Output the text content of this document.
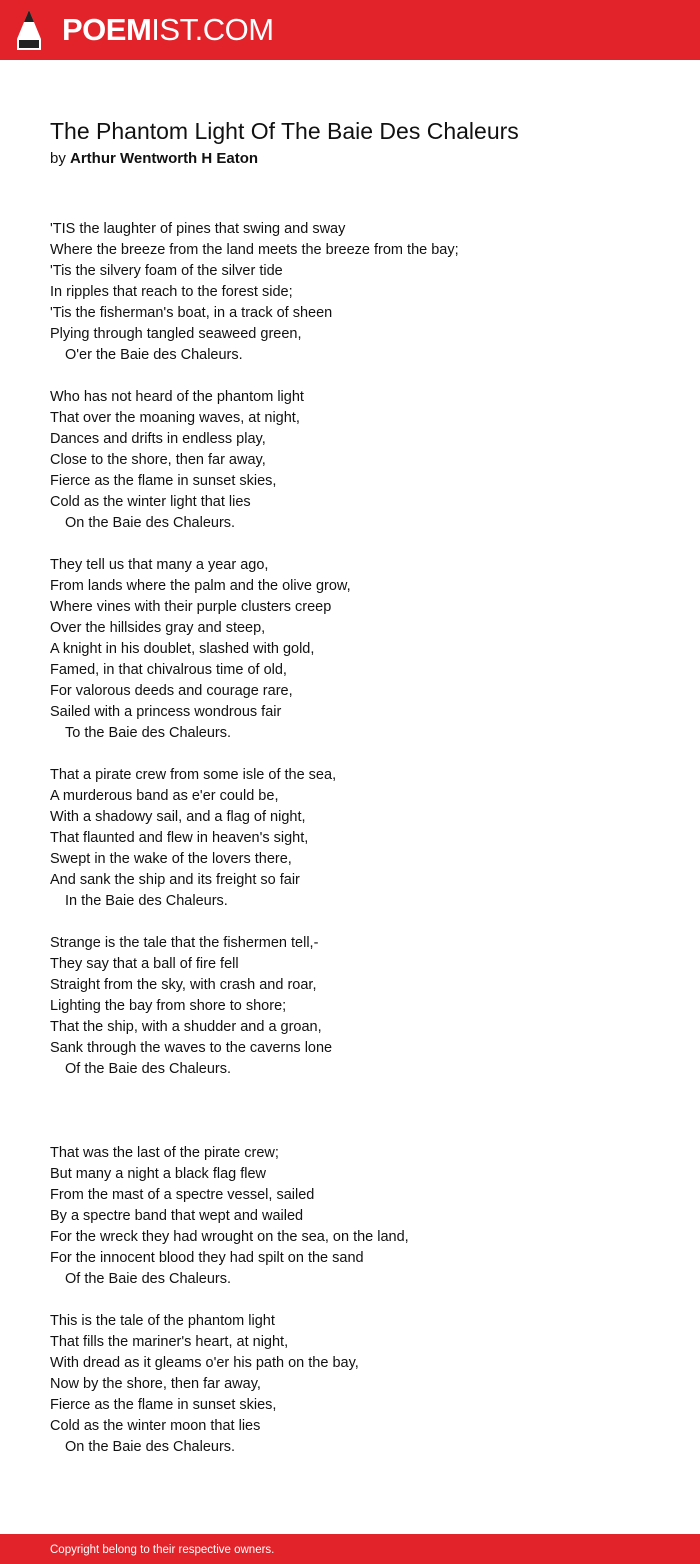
POEMIST.COM
The Phantom Light Of The Baie Des Chaleurs
by Arthur Wentworth H Eaton
'TIS the laughter of pines that swing and sway
Where the breeze from the land meets the breeze from the bay;
'Tis the silvery foam of the silver tide
In ripples that reach to the forest side;
'Tis the fisherman's boat, in a track of sheen
Plying through tangled seaweed green,
O'er the Baie des Chaleurs.
Who has not heard of the phantom light
That over the moaning waves, at night,
Dances and drifts in endless play,
Close to the shore, then far away,
Fierce as the flame in sunset skies,
Cold as the winter light that lies
On the Baie des Chaleurs.
They tell us that many a year ago,
From lands where the palm and the olive grow,
Where vines with their purple clusters creep
Over the hillsides gray and steep,
A knight in his doublet, slashed with gold,
Famed, in that chivalrous time of old,
For valorous deeds and courage rare,
Sailed with a princess wondrous fair
To the Baie des Chaleurs.
That a pirate crew from some isle of the sea,
A murderous band as e'er could be,
With a shadowy sail, and a flag of night,
That flaunted and flew in heaven's sight,
Swept in the wake of the lovers there,
And sank the ship and its freight so fair
In the Baie des Chaleurs.
Strange is the tale that the fishermen tell,-
They say that a ball of fire fell
Straight from the sky, with crash and roar,
Lighting the bay from shore to shore;
That the ship, with a shudder and a groan,
Sank through the waves to the caverns lone
Of the Baie des Chaleurs.
That was the last of the pirate crew;
But many a night a black flag flew
From the mast of a spectre vessel, sailed
By a spectre band that wept and wailed
For the wreck they had wrought on the sea, on the land,
For the innocent blood they had spilt on the sand
Of the Baie des Chaleurs.
This is the tale of the phantom light
That fills the mariner's heart, at night,
With dread as it gleams o'er his path on the bay,
Now by the shore, then far away,
Fierce as the flame in sunset skies,
Cold as the winter moon that lies
On the Baie des Chaleurs.
Copyright belong to their respective owners.
